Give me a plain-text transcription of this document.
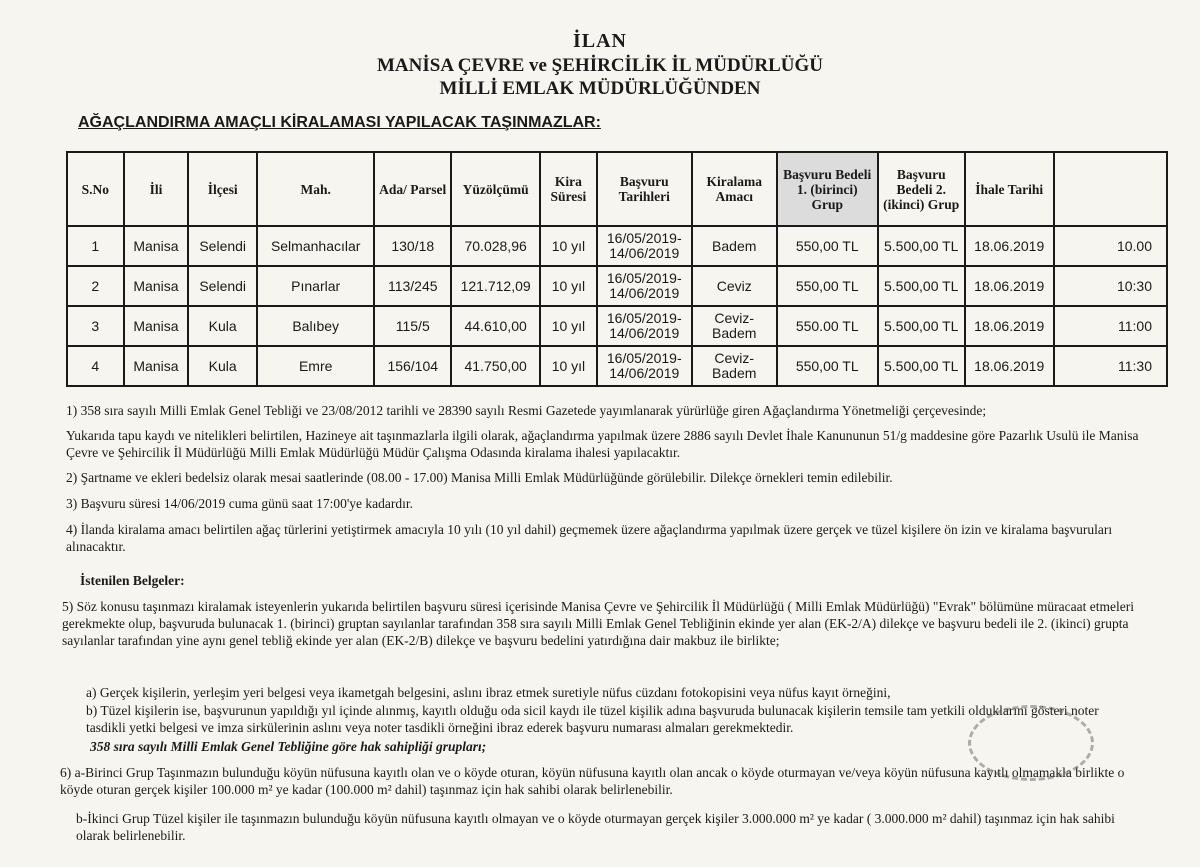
İLAN
MANİSA ÇEVRE ve ŞEHİRCİLİK İL MÜDÜRLÜĞÜ
MİLLİ EMLAK MÜDÜRLÜĞÜNDEN
AĞAÇLANDIRMA AMAÇLI KİRALAMASI YAPILACAK TAŞINMAZLAR:
S.No	İli	İlçesi	Mah.	Ada/ Parsel	Yüzölçümü	Kira Süresi	Başvuru Tarihleri	Kiralama Amacı	Başvuru Bedeli 1. (birinci) Grup	Başvuru Bedeli 2. (ikinci) Grup	İhale Tarihi	
1	Manisa	Selendi	Selmanhacılar	130/18	70.028,96	10 yıl	16/05/2019- 14/06/2019	Badem	550,00 TL	5.500,00 TL	18.06.2019	10.00
2	Manisa	Selendi	Pınarlar	113/245	121.712,09	10 yıl	16/05/2019- 14/06/2019	Ceviz	550,00 TL	5.500,00 TL	18.06.2019	10:30
3	Manisa	Kula	Balıbey	115/5	44.610,00	10 yıl	16/05/2019- 14/06/2019	Ceviz- Badem	550.00 TL	5.500,00 TL	18.06.2019	11:00
4	Manisa	Kula	Emre	156/104	41.750,00	10 yıl	16/05/2019- 14/06/2019	Ceviz- Badem	550,00 TL	5.500,00 TL	18.06.2019	11:30

1) 358 sıra sayılı Milli Emlak Genel Tebliği ve 23/08/2012 tarihli ve 28390 sayılı Resmi Gazetede yayımlanarak yürürlüğe giren Ağaçlandırma Yönetmeliği çerçevesinde;

Yukarıda tapu kaydı ve nitelikleri belirtilen, Hazineye ait taşınmazlarla ilgili olarak, ağaçlandırma yapılmak üzere 2886 sayılı Devlet İhale Kanununun 51/g maddesine göre Pazarlık Usulü ile Manisa Çevre ve Şehircilik İl Müdürlüğü Milli Emlak Müdürlüğü Müdür Çalışma Odasında kiralama ihalesi yapılacaktır.

2) Şartname ve ekleri bedelsiz olarak mesai saatlerinde (08.00 - 17.00) Manisa Milli Emlak Müdürlüğünde görülebilir. Dilekçe örnekleri temin edilebilir.

3) Başvuru süresi 14/06/2019 cuma günü saat 17:00'ye kadardır.

4) İlanda kiralama amacı belirtilen ağaç türlerini yetiştirmek amacıyla 10 yılı (10 yıl dahil) geçmemek üzere ağaçlandırma yapılmak üzere gerçek ve tüzel kişilere ön izin ve kiralama başvuruları alınacaktır.

İstenilen Belgeler:

5) Söz konusu taşınmazı kiralamak isteyenlerin yukarıda belirtilen başvuru süresi içerisinde Manisa Çevre ve Şehircilik İl Müdürlüğü ( Milli Emlak Müdürlüğü) "Evrak" bölümüne müracaat etmeleri gerekmekte olup, başvuruda bulunacak 1. (birinci) gruptan sayılanlar tarafından 358 sıra sayılı Milli Emlak Genel Tebliğinin ekinde yer alan (EK-2/A) dilekçe ve başvuru bedeli ile 2. (ikinci) grupta sayılanlar tarafından yine aynı genel tebliğ ekinde yer alan (EK-2/B) dilekçe ve başvuru bedelini yatırdığına dair makbuz ile birlikte;

a) Gerçek kişilerin, yerleşim yeri belgesi veya ikametgah belgesini, aslını ibraz etmek suretiyle nüfus cüzdanı fotokopisini veya nüfus kayıt örneğini,

b) Tüzel kişilerin ise, başvurunun yapıldığı yıl içinde alınmış, kayıtlı olduğu oda sicil kaydı ile tüzel kişilik adına başvuruda bulunacak kişilerin temsile tam yetkili olduklarını gösteri noter tasdikli yetki belgesi ve imza sirkülerinin aslını veya noter tasdikli örneğini ibraz ederek başvuru numarası almaları gerekmektedir.

358 sıra sayılı Milli Emlak Genel Tebliğine göre hak sahipliği grupları;

6) a-Birinci Grup Taşınmazın bulunduğu köyün nüfusuna kayıtlı olan ve o köyde oturan, köyün nüfusuna kayıtlı olan ancak o köyde oturmayan ve/veya köyün nüfusuna kayıtlı olmamakla birlikte o köyde oturan gerçek kişiler 100.000 m² ye kadar (100.000 m² dahil) taşınmaz için hak sahibi olarak belirlenebilir.

b-İkinci Grup Tüzel kişiler ile taşınmazın bulunduğu köyün nüfusuna kayıtlı olmayan ve o köyde oturmayan gerçek kişiler 3.000.000 m² ye kadar ( 3.000.000 m² dahil) taşınmaz için hak sahibi olarak belirlenebilir.
